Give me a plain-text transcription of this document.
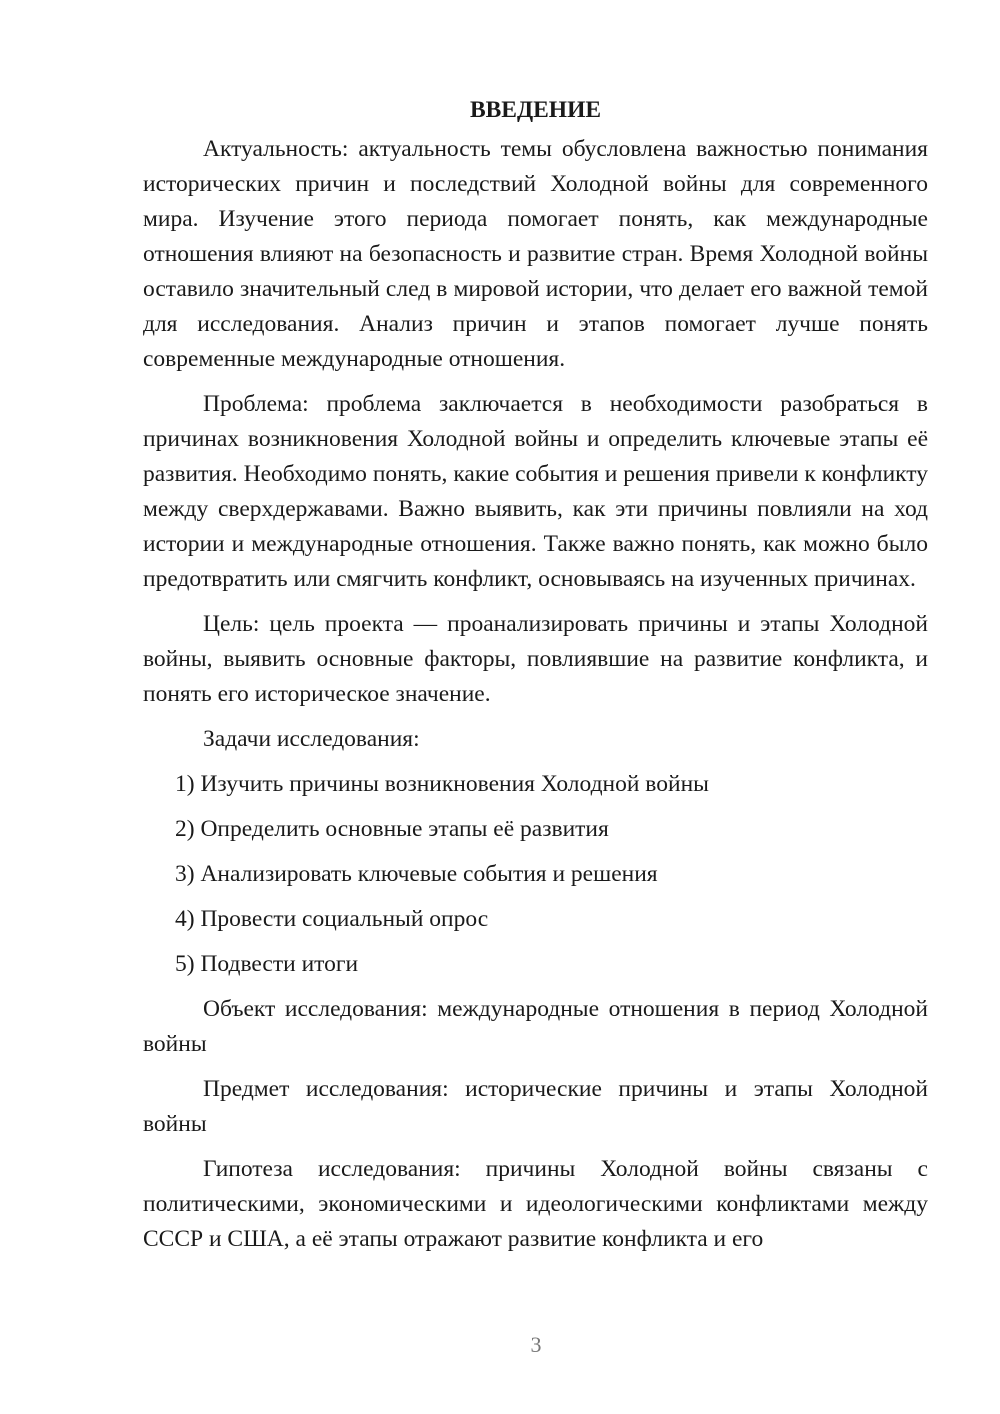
ВВЕДЕНИЕ

Актуальность: актуальность темы обусловлена важностью понимания исторических причин и последствий Холодной войны для современного мира. Изучение этого периода помогает понять, как международные отношения влияют на безопасность и развитие стран. Время Холодной войны оставило значительный след в мировой истории, что делает его важной темой для исследования. Анализ причин и этапов помогает лучше понять современные международные отношения.

Проблема: проблема заключается в необходимости разобраться в причинах возникновения Холодной войны и определить ключевые этапы её развития. Необходимо понять, какие события и решения привели к конфликту между сверхдержавами. Важно выявить, как эти причины повлияли на ход истории и международные отношения. Также важно понять, как можно было предотвратить или смягчить конфликт, основываясь на изученных причинах.

Цель: цель проекта — проанализировать причины и этапы Холодной войны, выявить основные факторы, повлиявшие на развитие конфликта, и понять его историческое значение.

Задачи исследования:

1) Изучить причины возникновения Холодной войны
2) Определить основные этапы её развития
3) Анализировать ключевые события и решения
4) Провести социальный опрос
5) Подвести итоги

Объект исследования: международные отношения в период Холодной войны

Предмет исследования: исторические причины и этапы Холодной войны

Гипотеза исследования: причины Холодной войны связаны с политическими, экономическими и идеологическими конфликтами между СССР и США, а её этапы отражают развитие конфликта и его

3
